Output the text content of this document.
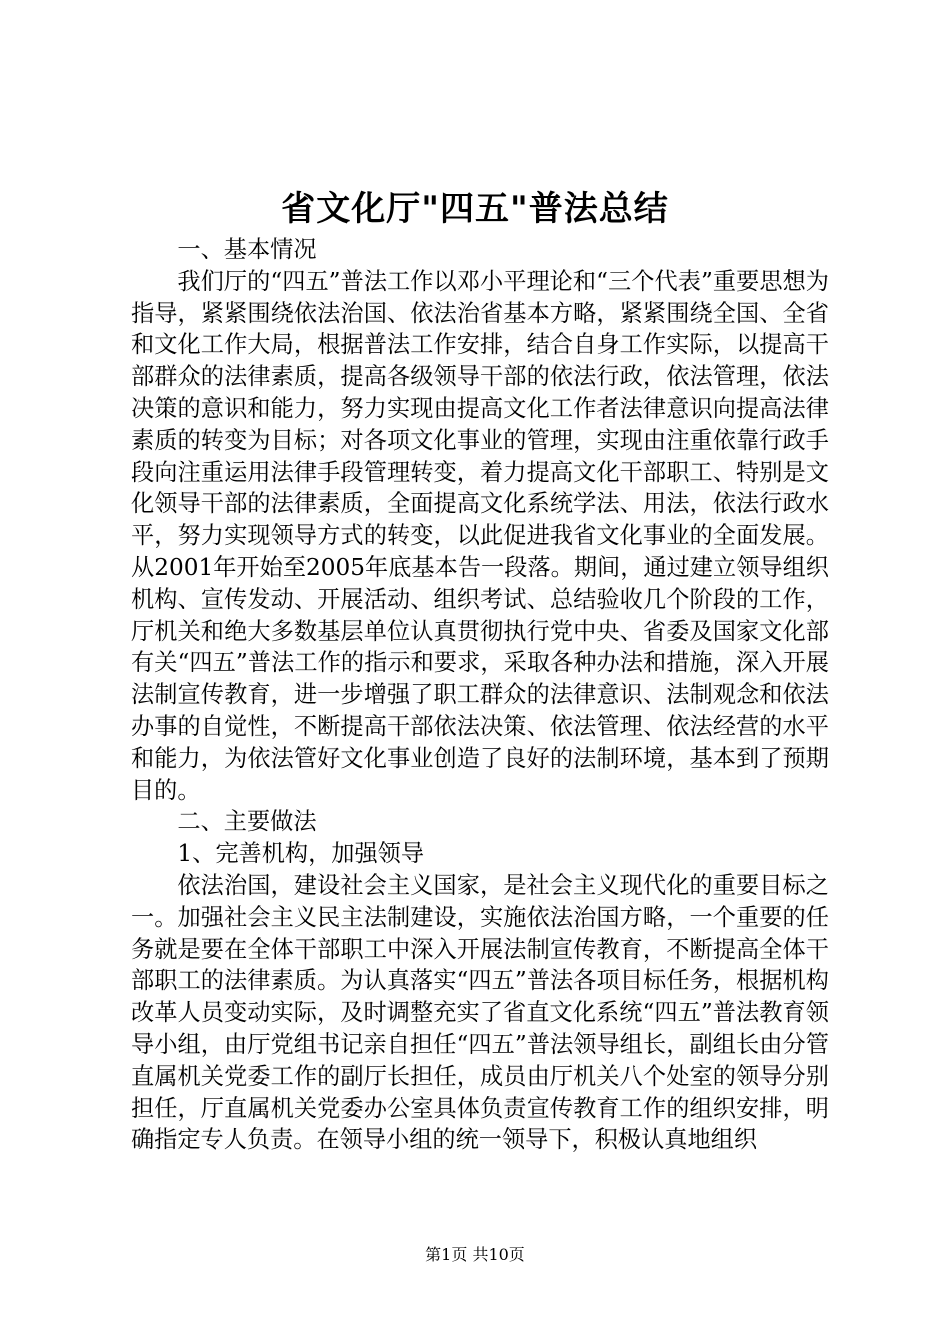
省文化厅"四五"普法总结

一、基本情况

我们厅的“四五”普法工作以邓小平理论和“三个代表”重要思想为指导，紧紧围绕依法治国、依法治省基本方略，紧紧围绕全国、全省和文化工作大局，根据普法工作安排，结合自身工作实际，以提高干部群众的法律素质，提高各级领导干部的依法行政，依法管理，依法决策的意识和能力，努力实现由提高文化工作者法律意识向提高法律素质的转变为目标；对各项文化事业的管理，实现由注重依靠行政手段向注重运用法律手段管理转变，着力提高文化干部职工、特别是文化领导干部的法律素质，全面提高文化系统学法、用法，依法行政水平，努力实现领导方式的转变，以此促进我省文化事业的全面发展。从2001年开始至2005年底基本告一段落。期间，通过建立领导组织机构、宣传发动、开展活动、组织考试、总结验收几个阶段的工作，厅机关和绝大多数基层单位认真贯彻执行党中央、省委及国家文化部有关“四五”普法工作的指示和要求，采取各种办法和措施，深入开展法制宣传教育，进一步增强了职工群众的法律意识、法制观念和依法办事的自觉性，不断提高干部依法决策、依法管理、依法经营的水平和能力，为依法管好文化事业创造了良好的法制环境，基本到了预期目的。

二、主要做法

1、完善机构，加强领导

依法治国，建设社会主义国家，是社会主义现代化的重要目标之一。加强社会主义民主法制建设，实施依法治国方略，一个重要的任务就是要在全体干部职工中深入开展法制宣传教育，不断提高全体干部职工的法律素质。为认真落实“四五”普法各项目标任务，根据机构改革人员变动实际，及时调整充实了省直文化系统“四五”普法教育领导小组，由厅党组书记亲自担任“四五”普法领导组长，副组长由分管直属机关党委工作的副厅长担任，成员由厅机关八个处室的领导分别担任，厅直属机关党委办公室具体负责宣传教育工作的组织安排，明确指定专人负责。在领导小组的统一领导下，积极认真地组织

第1页 共10页
